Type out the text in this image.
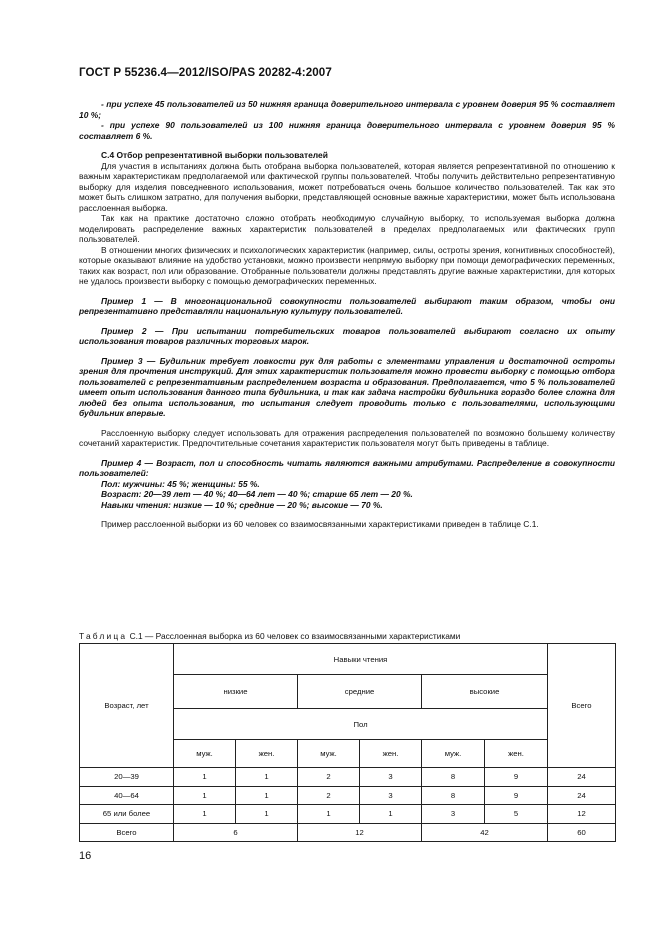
ГОСТ Р 55236.4—2012/ISO/PAS 20282-4:2007

- при успехе 45 пользователей из 50 нижняя граница доверительного интервала с уровнем доверия 95 % составляет 10 %;

- при успехе 90 пользователей из 100 нижняя граница доверительного интервала с уровнем доверия 95 % составляет 6 %.

С.4 Отбор репрезентативной выборки пользователей

Для участия в испытаниях должна быть отобрана выборка пользователей, которая является репрезентативной по отношению к важным характеристикам предполагаемой или фактической группы пользователей. Чтобы получить действительно репрезентативную выборку для изделия повседневного использования, может потребоваться очень большое количество пользователей. Так как это может быть слишком затратно, для получения выборки, представляющей основные важные характеристики, может быть использована расслоенная выборка.

Так как на практике достаточно сложно отобрать необходимую случайную выборку, то используемая выборка должна моделировать распределение важных характеристик пользователей в пределах предполагаемых или фактических групп пользователей.

В отношении многих физических и психологических характеристик (например, силы, остроты зрения, когнитивных способностей), которые оказывают влияние на удобство установки, можно произвести непрямую выборку при помощи демографических переменных, таких как возраст, пол или образование. Отобранные пользователи должны представлять другие важные характеристики, для которых не удалось произвести выборку с помощью демографических переменных.

Пример 1 — В многонациональной совокупности пользователей выбирают таким образом, чтобы они репрезентативно представляли национальную культуру пользователей.

Пример 2 — При испытании потребительских товаров пользователей выбирают согласно их опыту использования товаров различных торговых марок.

Пример 3 — Будильник требует ловкости рук для работы с элементами управления и достаточной остроты зрения для прочтения инструкций. Для этих характеристик пользователя можно провести выборку с помощью отбора пользователей с репрезентативным распределением возраста и образования. Предполагается, что 5 % пользователей имеет опыт использования данного типа будильника, и так как задача настройки будильника гораздо более сложна для людей без опыта использования, то испытания следует проводить только с пользователями, использующими будильник впервые.

Расслоенную выборку следует использовать для отражения распределения пользователей по возможно большему количеству сочетаний характеристик. Предпочтительные сочетания характеристик пользователя могут быть приведены в таблице.

Пример 4 — Возраст, пол и способность читать являются важными атрибутами. Распределение в совокупности пользователей:

Пол: мужчины: 45 %; женщины: 55 %.

Возраст: 20—39 лет — 40 %; 40—64 лет — 40 %; старше 65 лет — 20 %.

Навыки чтения: низкие — 10 %; средние — 20 %; высокие — 70 %.

Пример расслоенной выборки из 60 человек со взаимосвязанными характеристиками приведен в таблице С.1.

Таблица С.1 — Расслоенная выборка из 60 человек со взаимосвязанными характеристиками
Возраст, лет	Навыки чтения						Всего
	низкие		средние		высокие		
	Пол						
	муж.	жен.	муж.	жен.	муж.	жен.	
20—39	1	1	2	3	8	9	24
40—64	1	1	2	3	8	9	24
65 или более	1	1	1	1	3	5	12
Всего	6		12		42		60
16
